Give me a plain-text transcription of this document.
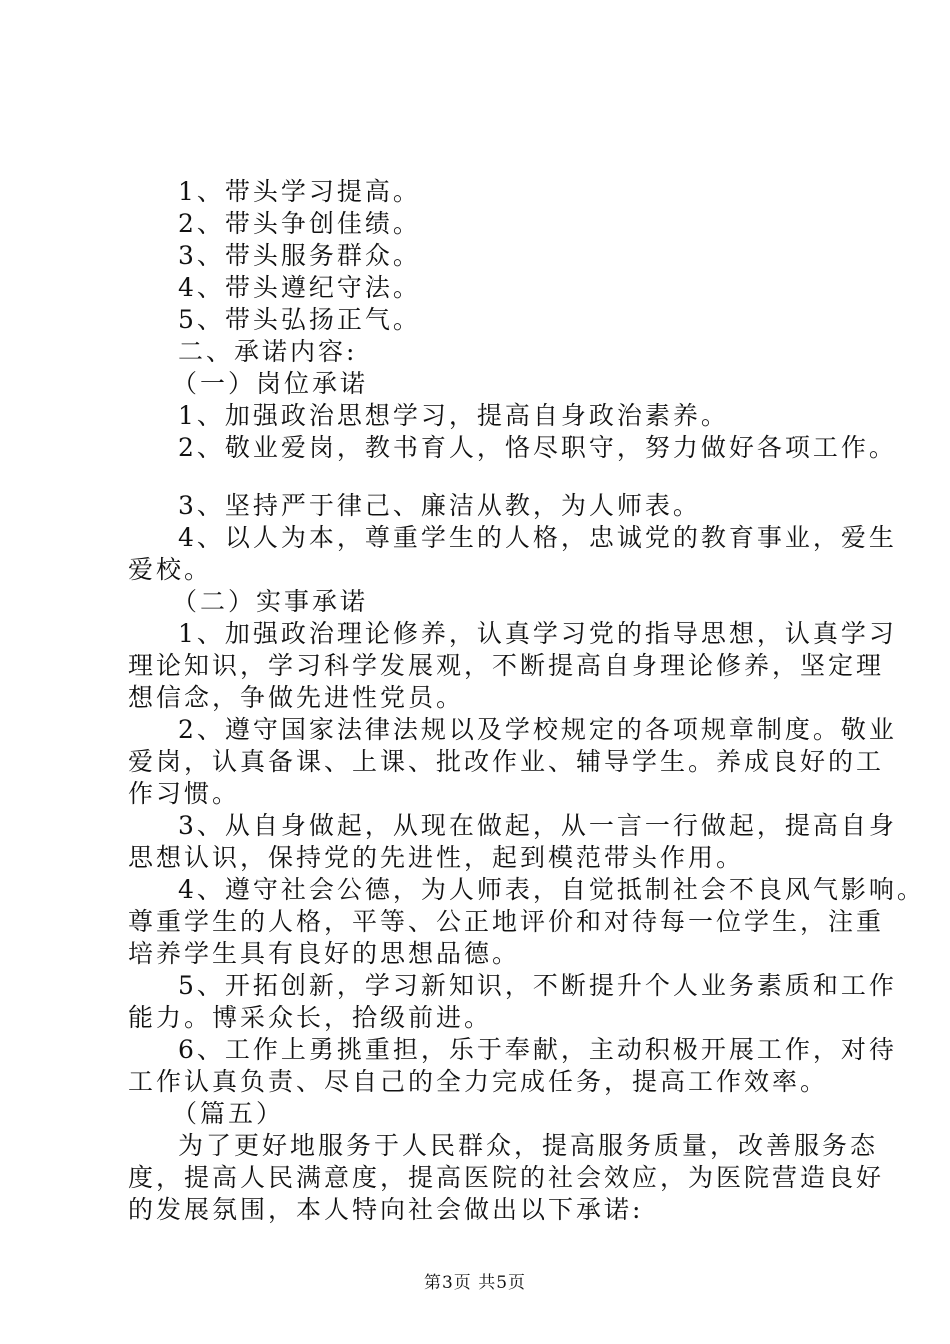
1、带头学习提高。
2、带头争创佳绩。
3、带头服务群众。
4、带头遵纪守法。
5、带头弘扬正气。
二、承诺内容:
（一）岗位承诺
1、加强政治思想学习，提高自身政治素养。
2、敬业爱岗，教书育人，恪尽职守，努力做好各项工作。
3、坚持严于律己、廉洁从教，为人师表。
4、以人为本，尊重学生的人格，忠诚党的教育事业，爱生
爱校。
（二）实事承诺
1、加强政治理论修养，认真学习党的指导思想，认真学习
理论知识，学习科学发展观，不断提高自身理论修养，坚定理
想信念，争做先进性党员。
2、遵守国家法律法规以及学校规定的各项规章制度。敬业
爱岗，认真备课、上课、批改作业、辅导学生。养成良好的工
作习惯。
3、从自身做起，从现在做起，从一言一行做起，提高自身
思想认识，保持党的先进性，起到模范带头作用。
4、遵守社会公德，为人师表，自觉抵制社会不良风气影响。
尊重学生的人格，平等、公正地评价和对待每一位学生，注重
培养学生具有良好的思想品德。
5、开拓创新，学习新知识，不断提升个人业务素质和工作
能力。博采众长，拾级前进。
6、工作上勇挑重担，乐于奉献，主动积极开展工作，对待
工作认真负责、尽自己的全力完成任务，提高工作效率。
（篇五）
为了更好地服务于人民群众，提高服务质量，改善服务态
度，提高人民满意度，提高医院的社会效应，为医院营造良好
的发展氛围，本人特向社会做出以下承诺:
第3页 共5页
